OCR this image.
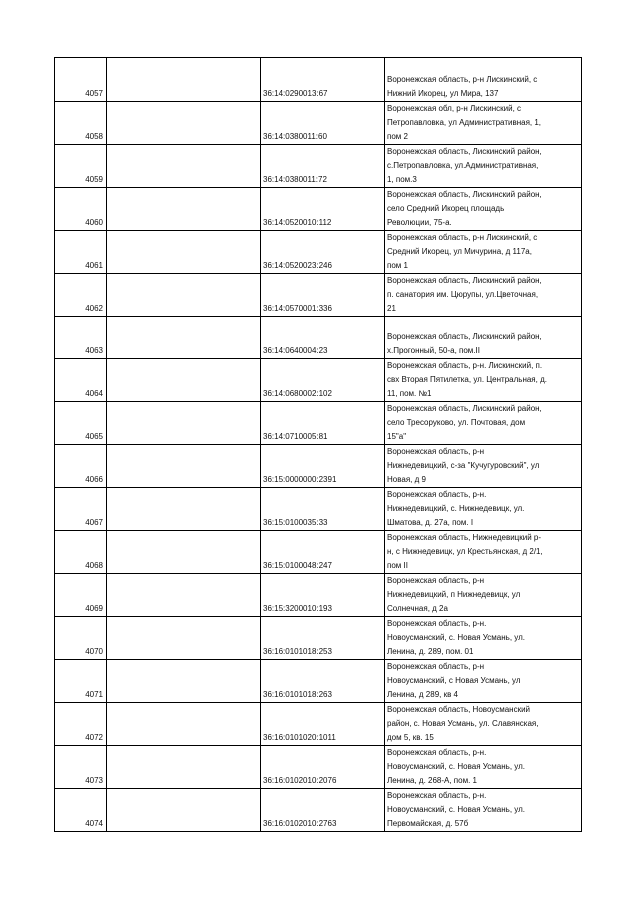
4057		36:14:0290013:67	Воронежская область, р-н Лискинский, с
Нижний Икорец, ул Мира, 137

4058		36:14:0380011:60	Воронежская обл, р-н Лискинский, с
Петропавловка, ул Административная, 1,
пом 2

4059		36:14:0380011:72	Воронежская область, Лискинский район,
с.Петропавловка, ул.Административная,
1, пом.3

4060		36:14:0520010:112	Воронежская область, Лискинский район,
село Средний Икорец площадь
Революции, 75-а.

4061		36:14:0520023:246	Воронежская область, р-н Лискинский, с
Средний Икорец, ул Мичурина, д 117а,
пом 1

4062		36:14:0570001:336	Воронежская область, Лискинский район,
п. санатория им. Цюрупы, ул.Цветочная,
21

4063		36:14:0640004:23	Воронежская область, Лискинский район,
х.Прогонный, 50-а, пом.II

4064		36:14:0680002:102	Воронежская область, р-н. Лискинский, п.
свх Вторая Пятилетка, ул. Центральная, д.
11, пом. №1

4065		36:14:0710005:81	Воронежская область, Лискинский район,
село Тресоруково, ул. Почтовая, дом
15"а"

4066		36:15:0000000:2391	Воронежская область, р-н
Нижнедевицкий, с-за "Кучугуровский", ул
Новая, д 9

4067		36:15:0100035:33	Воронежская область, р-н.
Нижнедевицкий, с. Нижнедевицк, ул.
Шматова, д. 27а, пом. I

4068		36:15:0100048:247	Воронежская область, Нижнедевицкий р-
н, с Нижнедевицк, ул Крестьянская, д 2/1,
пом II

4069		36:15:3200010:193	Воронежская область, р-н
Нижнедевицкий, п Нижнедевицк, ул
Солнечная, д 2а

4070		36:16:0101018:253	Воронежская область, р-н.
Новоусманский, с. Новая Усмань, ул.
Ленина, д. 289, пом. 01

4071		36:16:0101018:263	Воронежская область, р-н
Новоусманский, с Новая Усмань, ул
Ленина, д 289, кв 4

4072		36:16:0101020:1011	Воронежская область, Новоусманский
район, с. Новая Усмань, ул. Славянская,
дом 5, кв. 15

4073		36:16:0102010:2076	Воронежская область, р-н.
Новоусманский, с. Новая Усмань, ул.
Ленина, д. 268-А, пом. 1

4074		36:16:0102010:2763	Воронежская область, р-н.
Новоусманский, с. Новая Усмань, ул.
Первомайская, д. 57б
